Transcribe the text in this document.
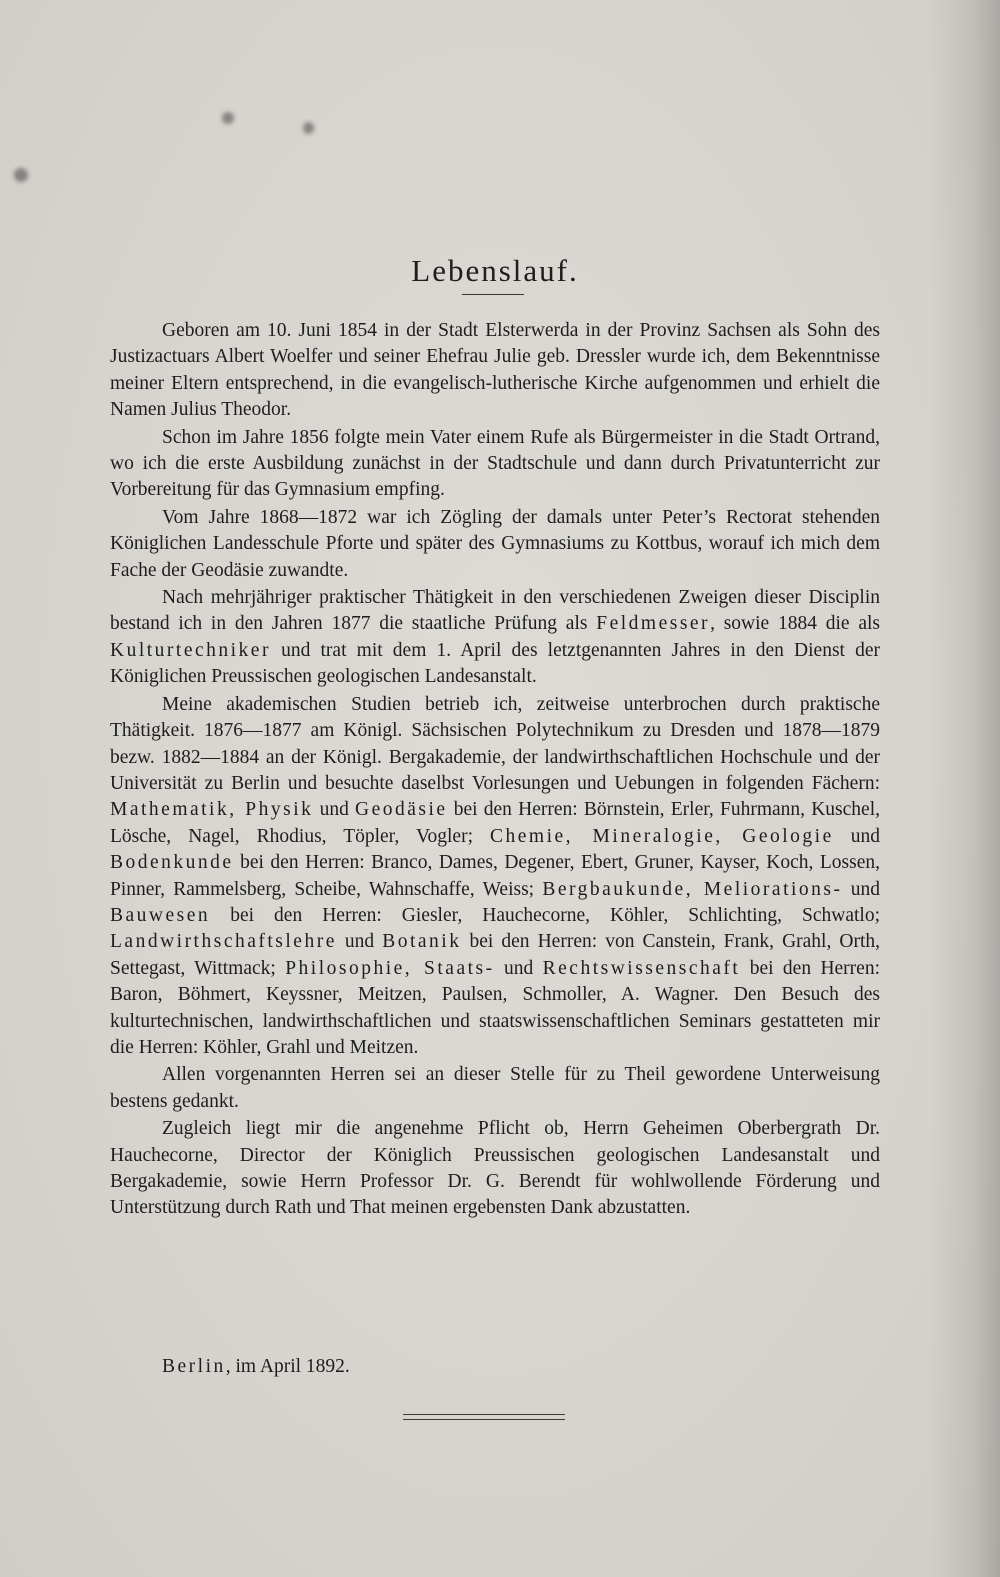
Lebenslauf.

Geboren am 10. Juni 1854 in der Stadt Elsterwerda in der Provinz Sachsen als Sohn des Justizactuars Albert Woelfer und seiner Ehefrau Julie geb. Dressler wurde ich, dem Bekenntnisse meiner Eltern entsprechend, in die evangelisch-lutherische Kirche aufgenommen und erhielt die Namen Julius Theodor.

Schon im Jahre 1856 folgte mein Vater einem Rufe als Bürgermeister in die Stadt Ortrand, wo ich die erste Ausbildung zunächst in der Stadtschule und dann durch Privatunterricht zur Vorbereitung für das Gymnasium empfing.

Vom Jahre 1868—1872 war ich Zögling der damals unter Peter’s Rectorat stehenden Königlichen Landesschule Pforte und später des Gymnasiums zu Kottbus, worauf ich mich dem Fache der Geodäsie zuwandte.

Nach mehrjähriger praktischer Thätigkeit in den verschiedenen Zweigen dieser Disciplin bestand ich in den Jahren 1877 die staatliche Prüfung als Feldmesser, sowie 1884 die als Kulturtechniker und trat mit dem 1. April des letztgenannten Jahres in den Dienst der Königlichen Preussischen geologischen Landesanstalt.

Meine akademischen Studien betrieb ich, zeitweise unterbrochen durch praktische Thätigkeit. 1876—1877 am Königl. Sächsischen Polytechnikum zu Dresden und 1878—1879 bezw. 1882—1884 an der Königl. Bergakademie, der landwirthschaftlichen Hochschule und der Universität zu Berlin und besuchte daselbst Vorlesungen und Uebungen in folgenden Fächern: Mathematik, Physik und Geodäsie bei den Herren: Börnstein, Erler, Fuhrmann, Kuschel, Lösche, Nagel, Rhodius, Töpler, Vogler; Chemie, Mineralogie, Geologie und Bodenkunde bei den Herren: Branco, Dames, Degener, Ebert, Gruner, Kayser, Koch, Lossen, Pinner, Rammelsberg, Scheibe, Wahnschaffe, Weiss; Bergbaukunde, Meliorations- und Bauwesen bei den Herren: Giesler, Hauchecorne, Köhler, Schlichting, Schwatlo; Landwirthschaftslehre und Botanik bei den Herren: von Canstein, Frank, Grahl, Orth, Settegast, Wittmack; Philosophie, Staats- und Rechtswissenschaft bei den Herren: Baron, Böhmert, Keyssner, Meitzen, Paulsen, Schmoller, A. Wagner. Den Besuch des kulturtechnischen, landwirthschaftlichen und staatswissenschaftlichen Seminars gestatteten mir die Herren: Köhler, Grahl und Meitzen.

Allen vorgenannten Herren sei an dieser Stelle für zu Theil gewordene Unterweisung bestens gedankt.

Zugleich liegt mir die angenehme Pflicht ob, Herrn Geheimen Oberbergrath Dr. Hauchecorne, Director der Königlich Preussischen geologischen Landesanstalt und Bergakademie, sowie Herrn Professor Dr. G. Berendt für wohlwollende Förderung und Unterstützung durch Rath und That meinen ergebensten Dank abzustatten.

Berlin, im April 1892.
